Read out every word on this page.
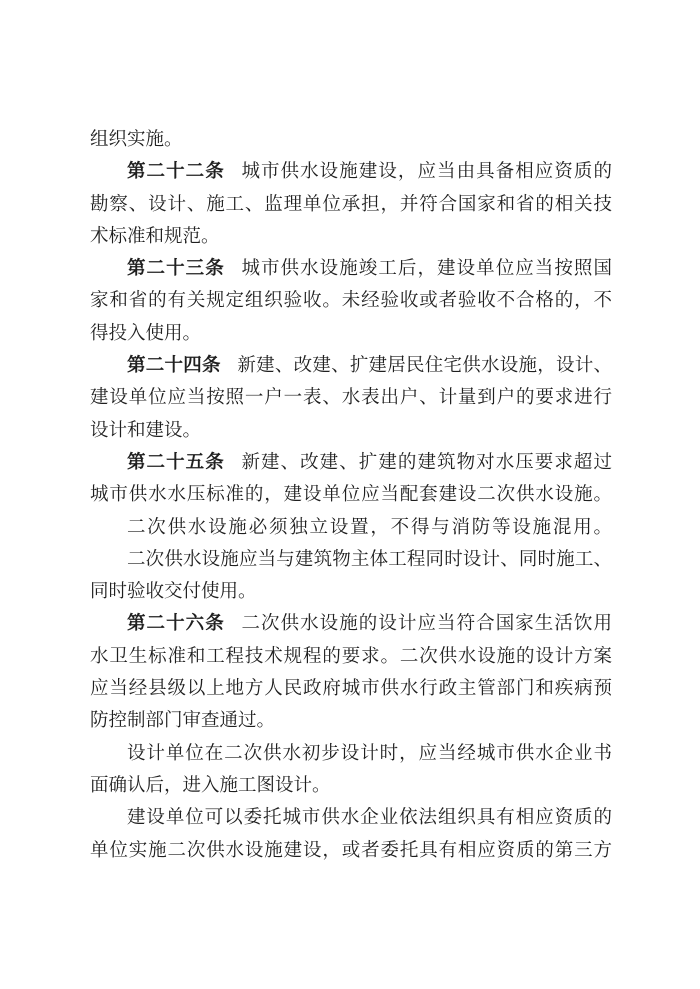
组织实施。
第二十二条 城市供水设施建设，应当由具备相应资质的
勘察、设计、施工、监理单位承担，并符合国家和省的相关技
术标准和规范。
第二十三条 城市供水设施竣工后，建设单位应当按照国
家和省的有关规定组织验收。未经验收或者验收不合格的，不
得投入使用。
第二十四条 新建、改建、扩建居民住宅供水设施，设计、
建设单位应当按照一户一表、水表出户、计量到户的要求进行
设计和建设。
第二十五条 新建、改建、扩建的建筑物对水压要求超过
城市供水水压标准的，建设单位应当配套建设二次供水设施。
二次供水设施必须独立设置，不得与消防等设施混用。
二次供水设施应当与建筑物主体工程同时设计、同时施工、
同时验收交付使用。
第二十六条 二次供水设施的设计应当符合国家生活饮用
水卫生标准和工程技术规程的要求。二次供水设施的设计方案
应当经县级以上地方人民政府城市供水行政主管部门和疾病预
防控制部门审查通过。
设计单位在二次供水初步设计时，应当经城市供水企业书
面确认后，进入施工图设计。
建设单位可以委托城市供水企业依法组织具有相应资质的
单位实施二次供水设施建设，或者委托具有相应资质的第三方
